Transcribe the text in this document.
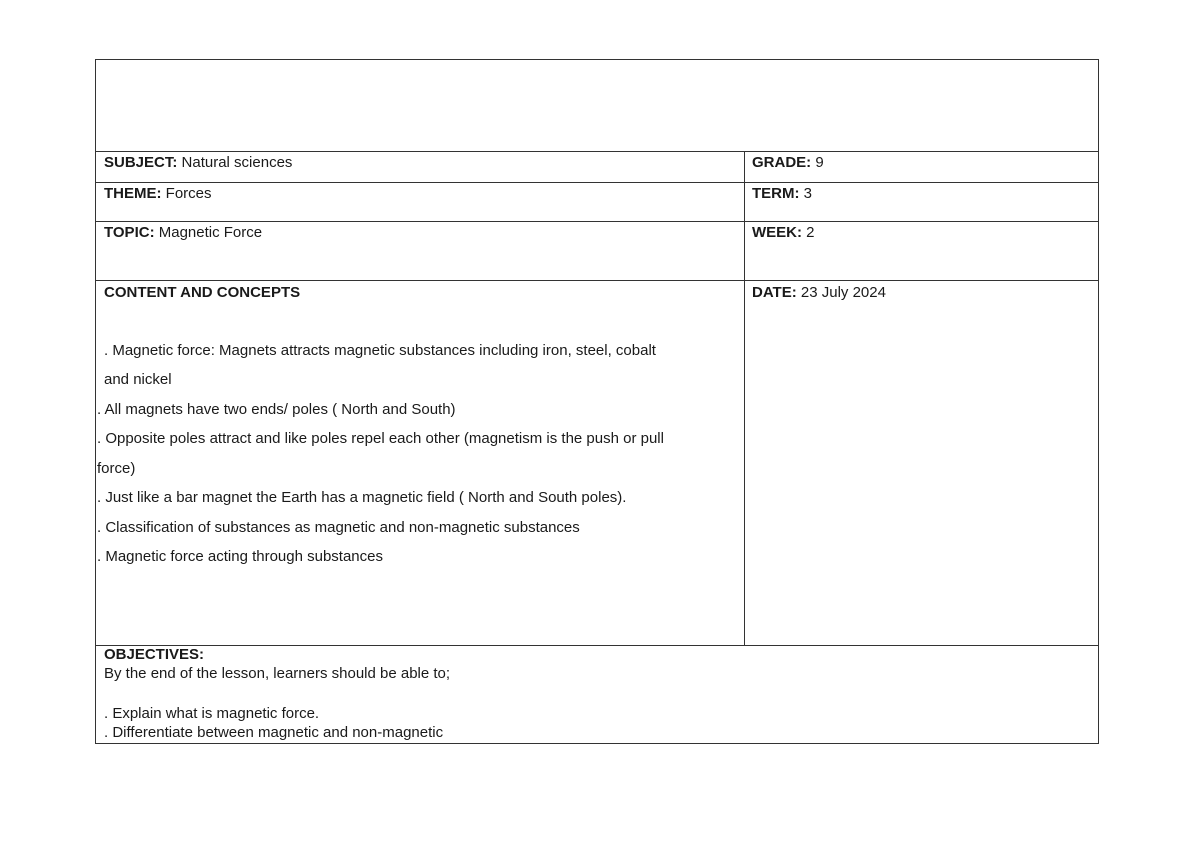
SUBJECT: Natural sciences	GRADE: 9
THEME: Forces	TERM: 3
TOPIC: Magnetic Force	WEEK: 2
CONTENT AND CONCEPTS	DATE: 23 July 2024
. Magnetic force: Magnets attracts magnetic substances including iron, steel, cobalt
and nickel
. All magnets have two ends/ poles ( North and South)
. Opposite poles attract and like poles repel each other (magnetism is the push or pull
force)
. Just like a bar magnet the Earth has a magnetic field ( North and South poles).
. Classification of substances as magnetic and non-magnetic substances
. Magnetic force acting through substances
OBJECTIVES:
By the end of the lesson, learners should be able to;
. Explain what is magnetic force.
. Differentiate between magnetic and non-magnetic
